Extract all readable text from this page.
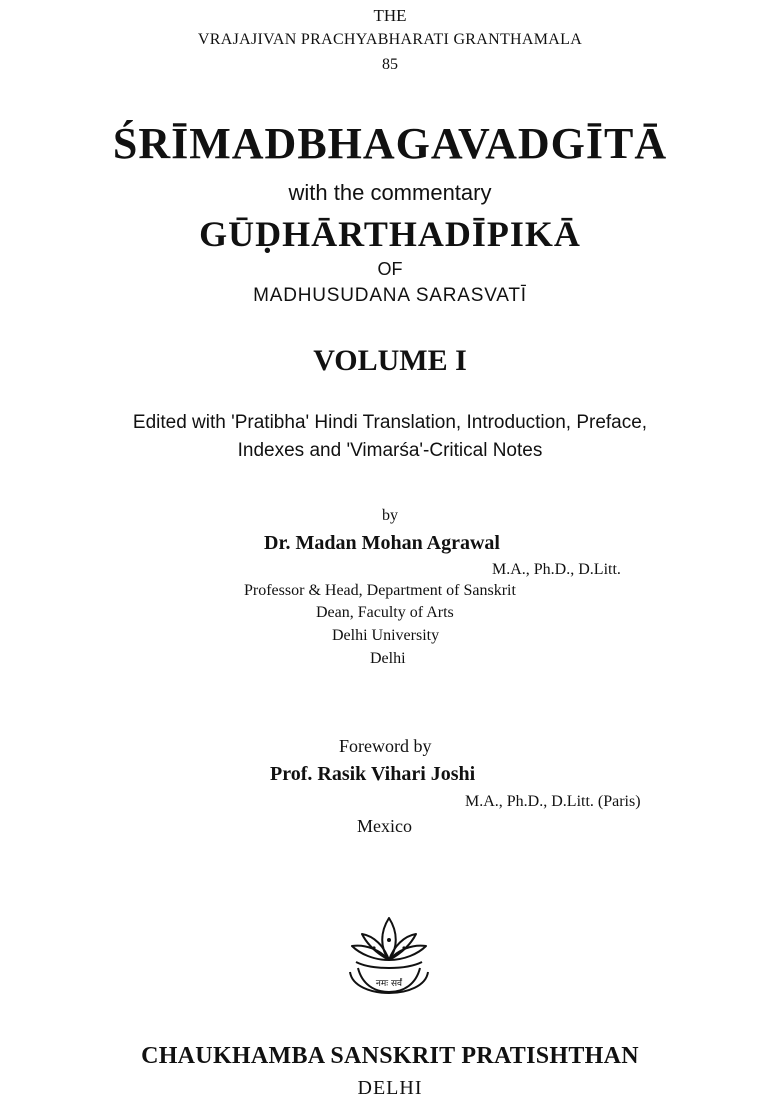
THE
VRAJAJIVAN PRACHYABHARATI GRANTHAMALA
85
ŚRĪMADBHAGAVADGĪTĀ
with the commentary
GŪḌHĀRTHADĪPIKĀ
OF
MADHUSUDANA SARASVATĪ
VOLUME I
Edited with 'Pratibha' Hindi Translation, Introduction, Preface,
Indexes and 'Vimarśa'-Critical Notes
by
Dr. Madan Mohan Agrawal
M.A., Ph.D., D.Litt.
Professor & Head, Department of Sanskrit
Dean, Faculty of Arts
Delhi University
Delhi
Foreword by
Prof. Rasik Vihari Joshi
M.A., Ph.D., D.Litt. (Paris)
Mexico
नमः सर्वं
CHAUKHAMBA SANSKRIT PRATISHTHAN
DELHI
